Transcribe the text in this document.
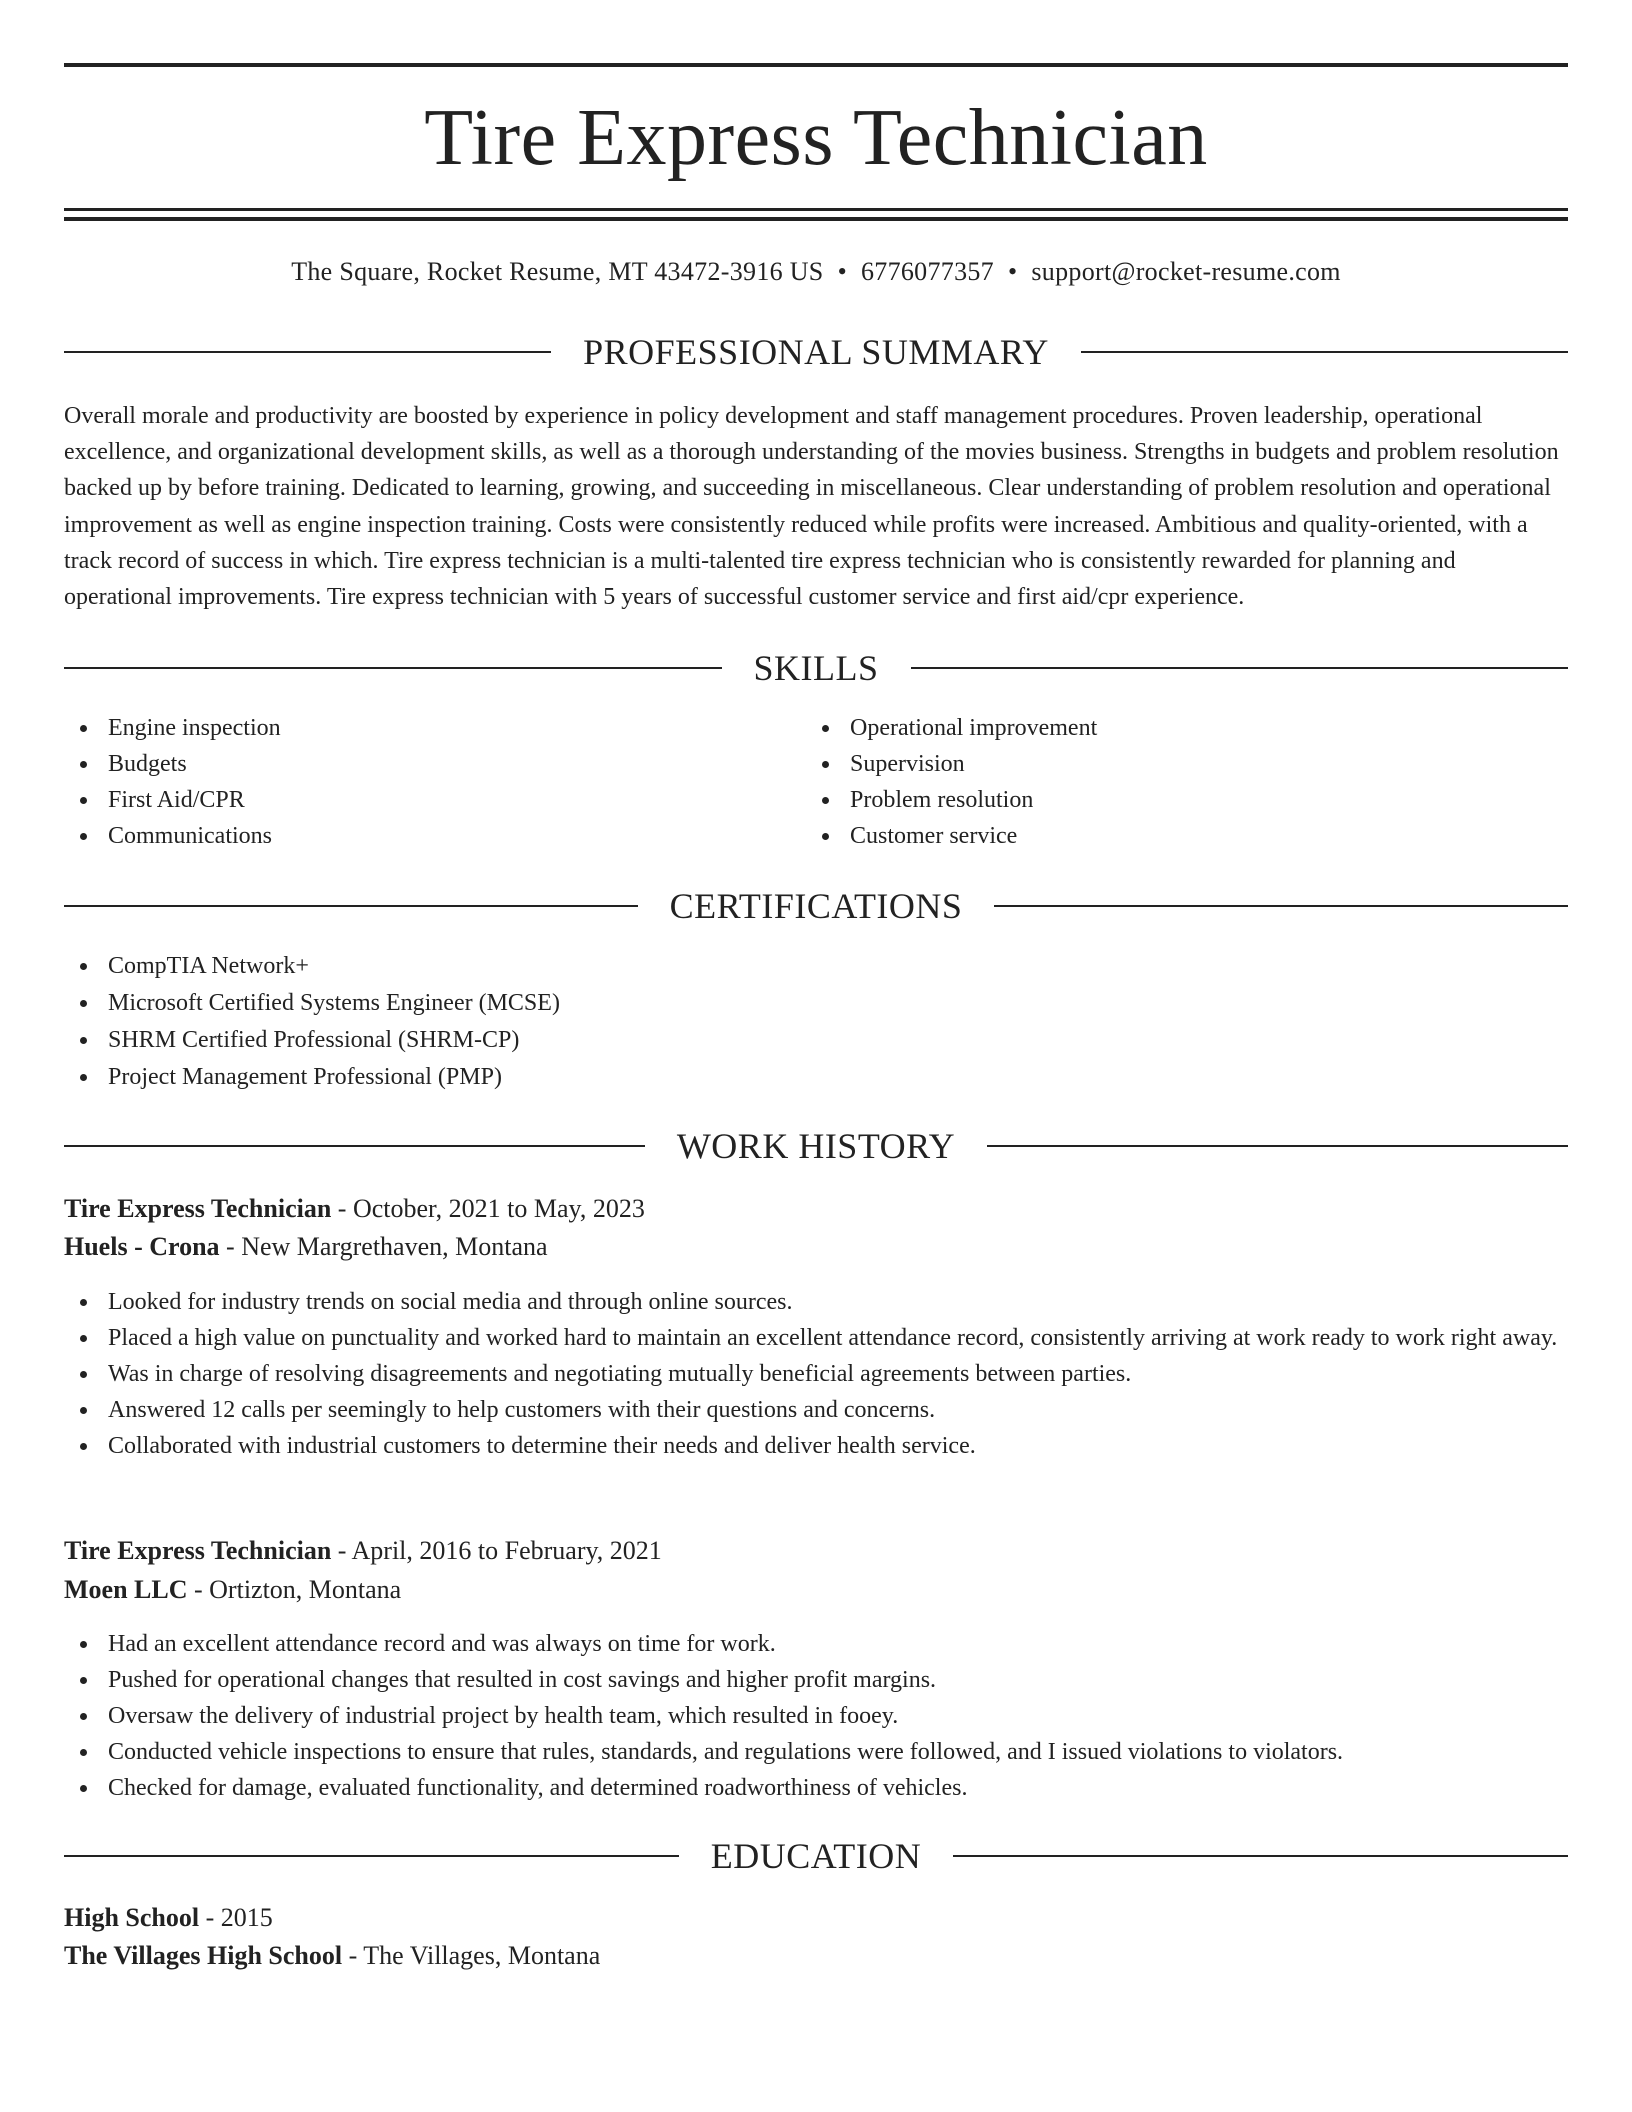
Tire Express Technician
The Square, Rocket Resume, MT 43472-3916 US • 6776077357 • support@rocket-resume.com
PROFESSIONAL SUMMARY

Overall morale and productivity are boosted by experience in policy development and staff management procedures. Proven leadership, operational excellence, and organizational development skills, as well as a thorough understanding of the movies business. Strengths in budgets and problem resolution backed up by before training. Dedicated to learning, growing, and succeeding in miscellaneous. Clear understanding of problem resolution and operational improvement as well as engine inspection training. Costs were consistently reduced while profits were increased. Ambitious and quality-oriented, with a track record of success in which. Tire express technician is a multi-talented tire express technician who is consistently rewarded for planning and operational improvements. Tire express technician with 5 years of successful customer service and first aid/cpr experience.

SKILLS
Engine inspection
Budgets
First Aid/CPR
Communications
Operational improvement
Supervision
Problem resolution
Customer service
CERTIFICATIONS
CompTIA Network+
Microsoft Certified Systems Engineer (MCSE)
SHRM Certified Professional (SHRM-CP)
Project Management Professional (PMP)
WORK HISTORY
Tire Express Technician - October, 2021 to May, 2023
Huels - Crona - New Margrethaven, Montana
Looked for industry trends on social media and through online sources.
Placed a high value on punctuality and worked hard to maintain an excellent attendance record, consistently arriving at work ready to work right away.
Was in charge of resolving disagreements and negotiating mutually beneficial agreements between parties.
Answered 12 calls per seemingly to help customers with their questions and concerns.
Collaborated with industrial customers to determine their needs and deliver health service.
Tire Express Technician - April, 2016 to February, 2021
Moen LLC - Ortizton, Montana
Had an excellent attendance record and was always on time for work.
Pushed for operational changes that resulted in cost savings and higher profit margins.
Oversaw the delivery of industrial project by health team, which resulted in fooey.
Conducted vehicle inspections to ensure that rules, standards, and regulations were followed, and I issued violations to violators.
Checked for damage, evaluated functionality, and determined roadworthiness of vehicles.
EDUCATION
High School - 2015
The Villages High School - The Villages, Montana
